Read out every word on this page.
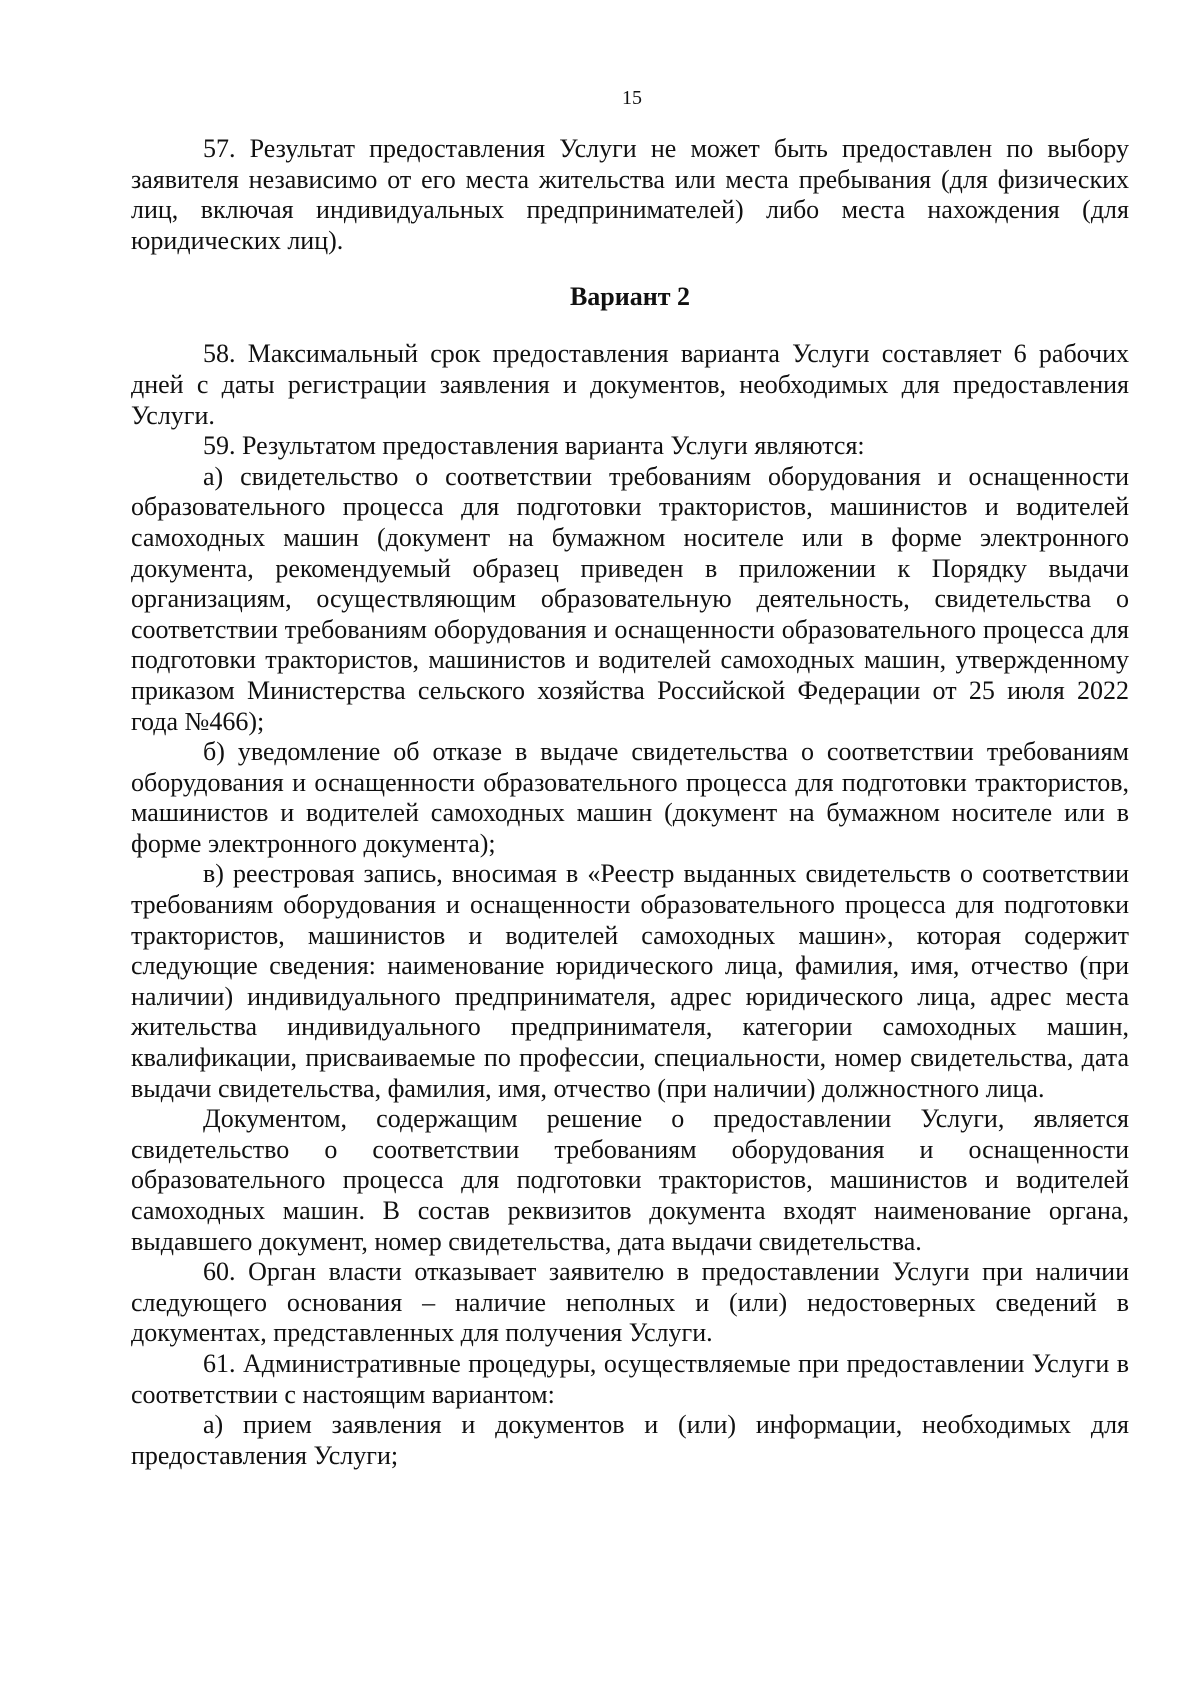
15

57. Результат предоставления Услуги не может быть предоставлен по выбору заявителя независимо от его места жительства или места пребывания (для физических лиц, включая индивидуальных предпринимателей) либо места нахождения (для юридических лиц).

Вариант 2

58. Максимальный срок предоставления варианта Услуги составляет 6 рабочих дней с даты регистрации заявления и документов, необходимых для предоставления Услуги.

59. Результатом предоставления варианта Услуги являются:

а) свидетельство о соответствии требованиям оборудования и оснащенности образовательного процесса для подготовки трактористов, машинистов и водителей самоходных машин (документ на бумажном носителе или в форме электронного документа, рекомендуемый образец приведен в приложении к Порядку выдачи организациям, осуществляющим образовательную деятельность, свидетельства о соответствии требованиям оборудования и оснащенности образовательного процесса для подготовки трактористов, машинистов и водителей самоходных машин, утвержденному приказом Министерства сельского хозяйства Российской Федерации от 25 июля 2022 года №466);

б) уведомление об отказе в выдаче свидетельства о соответствии требованиям оборудования и оснащенности образовательного процесса для подготовки трактористов, машинистов и водителей самоходных машин (документ на бумажном носителе или в форме электронного документа);

в) реестровая запись, вносимая в «Реестр выданных свидетельств о соответствии требованиям оборудования и оснащенности образовательного процесса для подготовки трактористов, машинистов и водителей самоходных машин», которая содержит следующие сведения: наименование юридического лица, фамилия, имя, отчество (при наличии) индивидуального предпринимателя, адрес юридического лица, адрес места жительства индивидуального предпринимателя, категории самоходных машин, квалификации, присваиваемые по профессии, специальности, номер свидетельства, дата выдачи свидетельства, фамилия, имя, отчество (при наличии) должностного лица.

Документом, содержащим решение о предоставлении Услуги, является свидетельство о соответствии требованиям оборудования и оснащенности образовательного процесса для подготовки трактористов, машинистов и водителей самоходных машин. В состав реквизитов документа входят наименование органа, выдавшего документ, номер свидетельства, дата выдачи свидетельства.

60. Орган власти отказывает заявителю в предоставлении Услуги при наличии следующего основания – наличие неполных и (или) недостоверных сведений в документах, представленных для получения Услуги.

61. Административные процедуры, осуществляемые при предоставлении Услуги в соответствии с настоящим вариантом:

а) прием заявления и документов и (или) информации, необходимых для предоставления Услуги;
